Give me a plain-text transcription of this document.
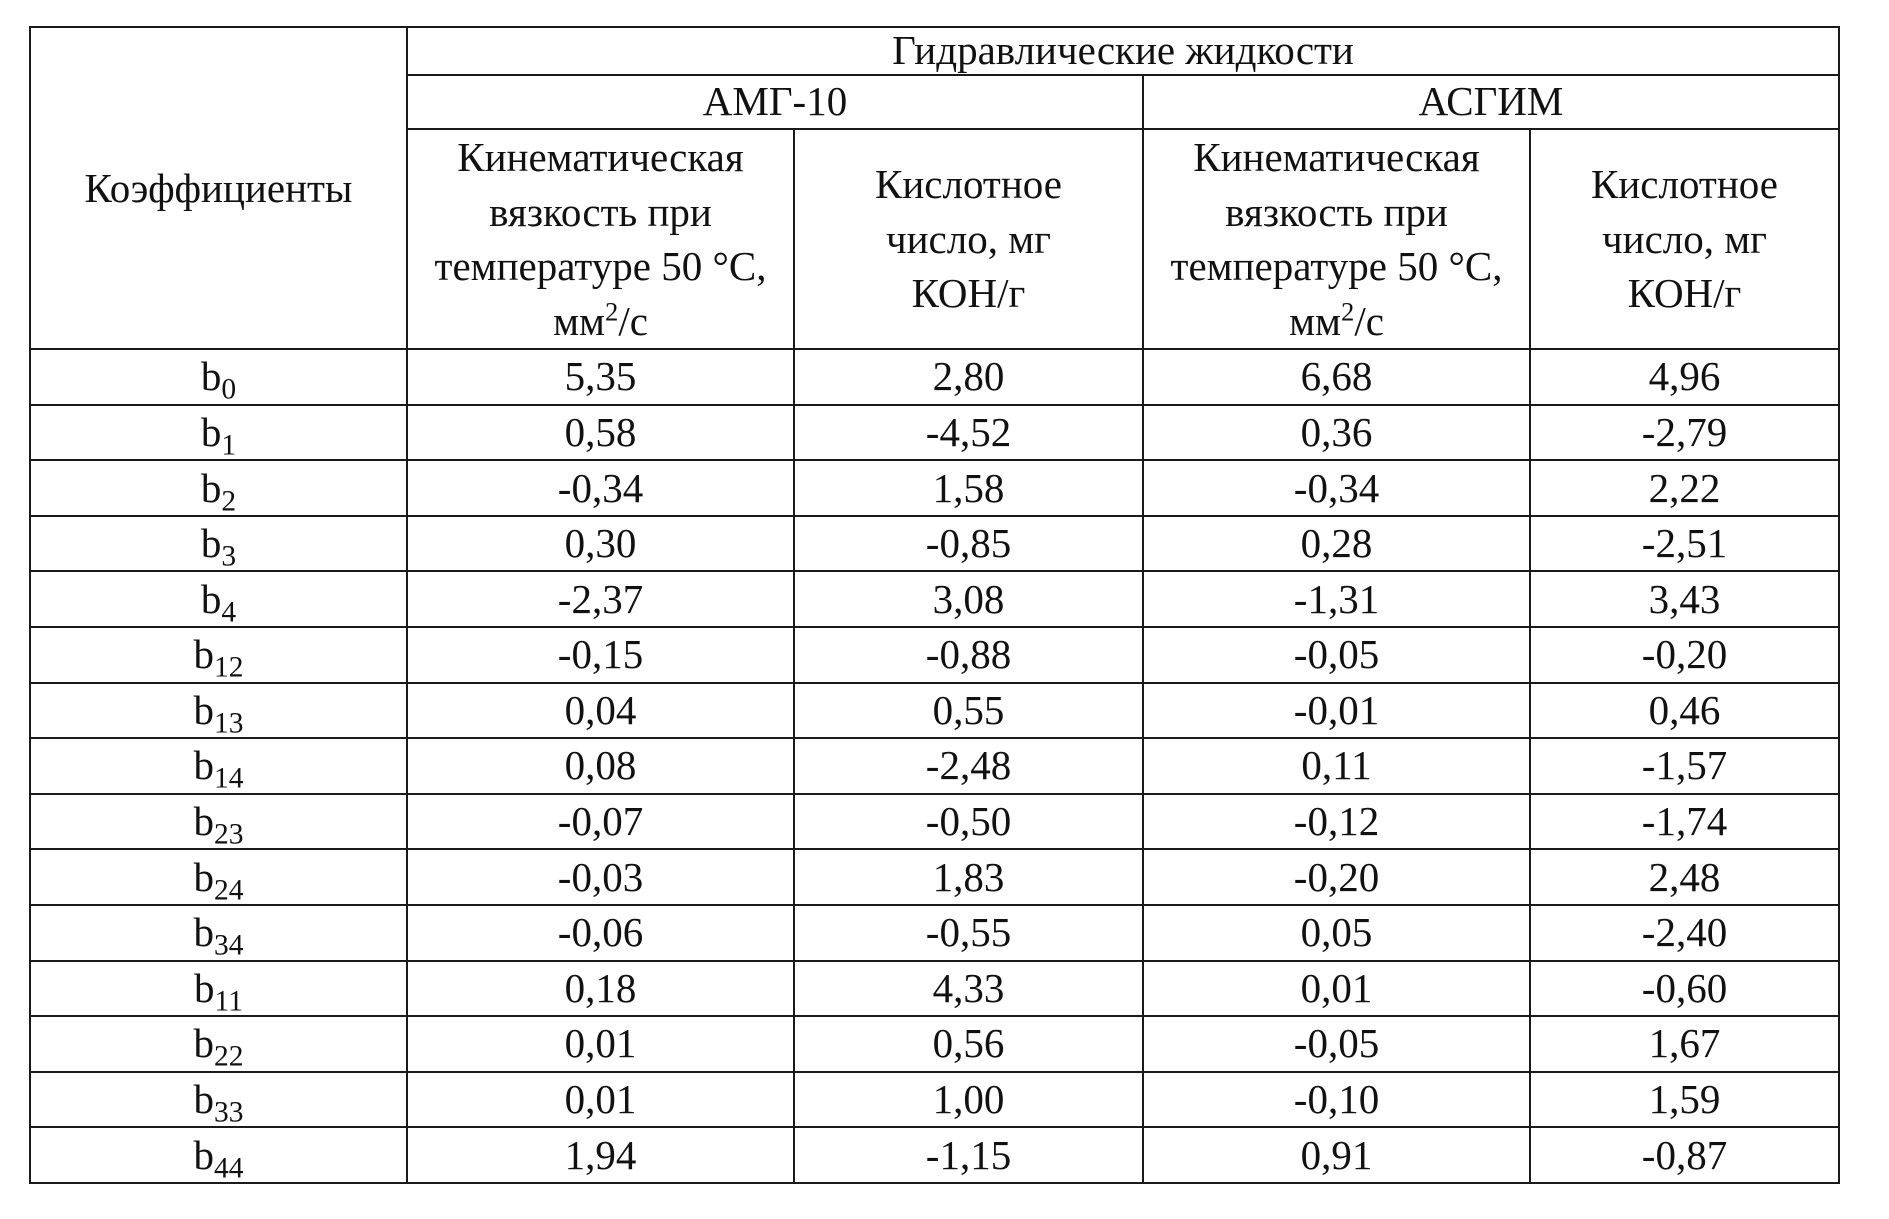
Коэффициенты	Гидравлические жидкости			
	АМГ-10		АСГИМ	

	Кинематическая вязкость при температуре 50 °С, $мм^2/с$	Кислотное число, мг КОН/г	Кинематическая вязкость при температуре 50 °С, $мм^2/с$	Кислотное число, мг КОН/г

$b_0$	5,35	2,80	6,68	4,96
$b_1$	0,58	-4,52	0,36	-2,79
$b_2$	-0,34	1,58	-0,34	2,22
$b_3$	0,30	-0,85	0,28	-2,51
$b_4$	-2,37	3,08	-1,31	3,43
$b_{12}$	-0,15	-0,88	-0,05	-0,20
$b_{13}$	0,04	0,55	-0,01	0,46
$b_{14}$	0,08	-2,48	0,11	-1,57
$b_{23}$	-0,07	-0,50	-0,12	-1,74
$b_{24}$	-0,03	1,83	-0,20	2,48
$b_{34}$	-0,06	-0,55	0,05	-2,40
$b_{11}$	0,18	4,33	0,01	-0,60
$b_{22}$	0,01	0,56	-0,05	1,67
$b_{33}$	0,01	1,00	-0,10	1,59
$b_{44}$	1,94	-1,15	0,91	-0,87
